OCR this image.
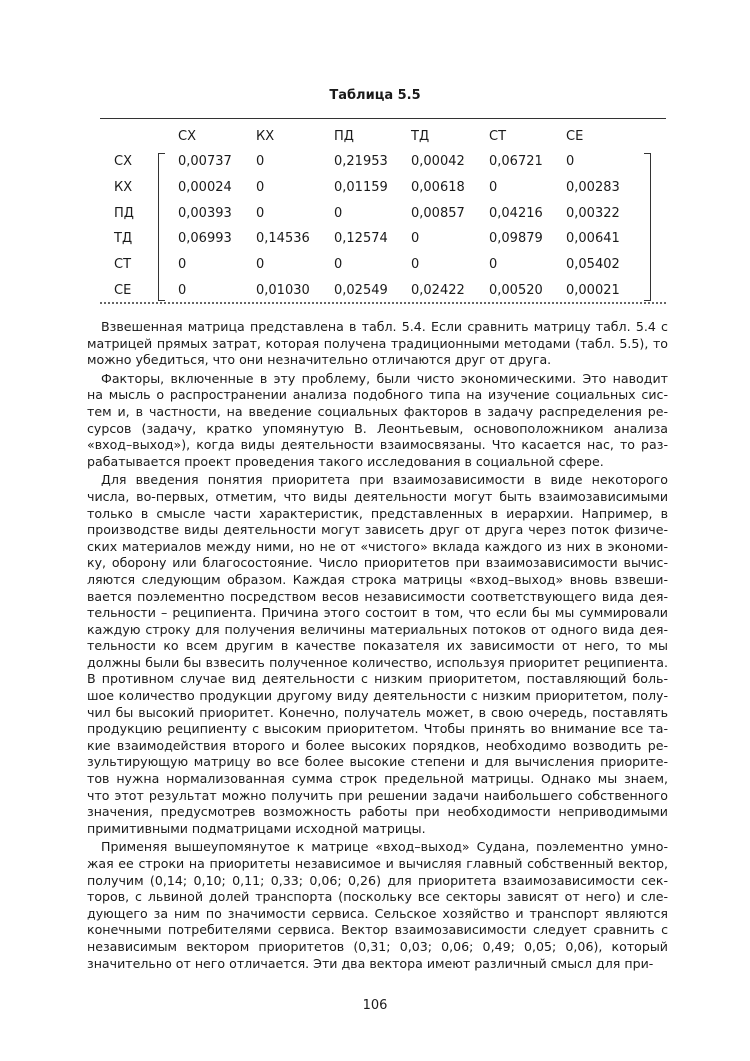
Таблица 5.5
СХ	КХ	ПД	ТД	СТ	СЕ
СХ	0,00737 0	0,21953 0,00042 0,06721 0
КХ	0,00024 0	0,01159 0,00618 0	0,00283
ПД	0,00393 0	0	0,00857 0,04216 0,00322
ТД	0,06993 0,14536 0,12574 0	0,09879 0,00641
СТ	0	0	0	0	0	0,05402
СЕ	0	0,01030 0,02549 0,02422 0,00520 0,00021
Взвешенная матрица представлена в табл. 5.4. Если сравнить матрицу табл. 5.4 с
матрицей прямых затрат, которая получена традиционными методами (табл. 5.5), то
можно убедиться, что они незначительно отличаются друг от друга.
Факторы, включенные в эту проблему, были чисто экономическими. Это наводит
на мысль о распространении анализа подобного типа на изучение социальных сис-
тем и, в частности, на введение социальных факторов в задачу распределения ре-
сурсов (задачу, кратко упомянутую В. Леонтьевым, основоположником анализа
«вход–выход»), когда виды деятельности взаимосвязаны. Что касается нас, то раз-
рабатывается проект проведения такого исследования в социальной сфере.
Для введения понятия приоритета при взаимозависимости в виде некоторого
числа, во-первых, отметим, что виды деятельности могут быть взаимозависимыми
только в смысле части характеристик, представленных в иерархии. Например, в
производстве виды деятельности могут зависеть друг от друга через поток физиче-
ских материалов между ними, но не от «чистого» вклада каждого из них в экономи-
ку, оборону или благосостояние. Число приоритетов при взаимозависимости вычис-
ляются следующим образом. Каждая строка матрицы «вход–выход» вновь взвеши-
вается поэлементно посредством весов независимости соответствующего вида дея-
тельности – реципиента. Причина этого состоит в том, что если бы мы суммировали
каждую строку для получения величины материальных потоков от одного вида дея-
тельности ко всем другим в качестве показателя их зависимости от него, то мы
должны были бы взвесить полученное количество, используя приоритет реципиента.
В противном случае вид деятельности с низким приоритетом, поставляющий боль-
шое количество продукции другому виду деятельности с низким приоритетом, полу-
чил бы высокий приоритет. Конечно, получатель может, в свою очередь, поставлять
продукцию реципиенту с высоким приоритетом. Чтобы принять во внимание все та-
кие взаимодействия второго и более высоких порядков, необходимо возводить ре-
зультирующую матрицу во все более высокие степени и для вычисления приорите-
тов нужна нормализованная сумма строк предельной матрицы. Однако мы знаем,
что этот результат можно получить при решении задачи наибольшего собственного
значения, предусмотрев возможность работы при необходимости неприводимыми
примитивными подматрицами исходной матрицы.
Применяя вышеупомянутое к матрице «вход–выход» Судана, поэлементно умно-
жая ее строки на приоритеты независимое и вычисляя главный собственный вектор,
получим (0,14; 0,10; 0,11; 0,33; 0,06; 0,26) для приоритета взаимозависимости сек-
торов, с львиной долей транспорта (поскольку все секторы зависят от него) и сле-
дующего за ним по значимости сервиса. Сельское хозяйство и транспорт являются
конечными потребителями сервиса. Вектор взаимозависимости следует сравнить с
независимым вектором приоритетов (0,31; 0,03; 0,06; 0,49; 0,05; 0,06), который
значительно от него отличается. Эти два вектора имеют различный смысл для при-
106
